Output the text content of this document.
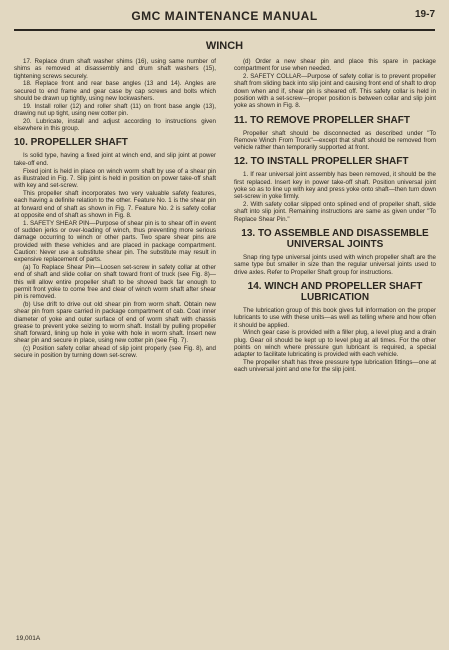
GMC MAINTENANCE MANUAL	19-7
WINCH
17. Replace drum shaft washer shims (16), using same number of shims as removed at disassembly and drum shaft washers (15), tightening screws securely.
18. Replace front and rear base angles (13 and 14). Angles are secured to end frame and gear case by cap screws and bolts which should be drawn up tightly, using new lockwashers.
19. Install roller (12) and roller shaft (11) on front base angle (13), drawing nut up tight, using new cotter pin.
20. Lubricate, install and adjust according to instructions given elsewhere in this group.
10. PROPELLER SHAFT
Is solid type, having a fixed joint at winch end, and slip joint at power take-off end.
Fixed joint is held in place on winch worm shaft by use of a shear pin as illustrated in Fig. 7. Slip joint is held in position on power take-off shaft with key and set-screw.
This propeller shaft incorporates two very valuable safety features, each having a definite relation to the other. Feature No. 1 is the shear pin at forward end of shaft as shown in Fig. 7. Feature No. 2 is safety collar at opposite end of shaft as shown in Fig. 8.
1. SAFETY SHEAR PIN—Purpose of shear pin is to shear off in event of sudden jerks or over-loading of winch, thus preventing more serious damage occurring to winch or other parts. Two spare shear pins are provided with these vehicles and are placed in package compartment. Caution: Never use a substitute shear pin. The substitute may result in expensive replacement of parts.
(a) To Replace Shear Pin—Loosen set-screw in safety collar at other end of shaft and slide collar on shaft toward front of truck (see Fig. 8)—this will allow entire propeller shaft to be shoved back far enough to permit front yoke to come free and clear of winch worm shaft after shear pin is removed.
(b) Use drift to drive out old shear pin from worm shaft. Obtain new shear pin from spare carried in package compartment of cab. Coat inner diameter of yoke and outer surface of end of worm shaft with chassis grease to prevent yoke seizing to worm shaft. Install by pulling propeller shaft forward, lining up hole in yoke with hole in worm shaft. Insert new shear pin and secure in place, using new cotter pin (see Fig. 7).
(c) Position safety collar ahead of slip joint properly (see Fig. 8), and secure in position by turning down set-screw.
(d) Order a new shear pin and place this spare in package compartment for use when needed.
2. SAFETY COLLAR—Purpose of safety collar is to prevent propeller shaft from sliding back into slip joint and causing front end of shaft to drop down when and if, shear pin is sheared off. This safety collar is held in position with a set-screw—proper position is between collar and slip joint yoke as shown in Fig. 8.
11. TO REMOVE PROPELLER SHAFT
Propeller shaft should be disconnected as described under "To Remove Winch From Truck"—except that shaft should be removed from vehicle rather than temporarily supported at front.
12. TO INSTALL PROPELLER SHAFT
1. If rear universal joint assembly has been removed, it should be the first replaced. Insert key in power take-off shaft. Position universal joint yoke so as to line up with key and press yoke onto shaft—then turn down set-screw in yoke firmly.
2. With safety collar slipped onto splined end of propeller shaft, slide shaft into slip joint. Remaining instructions are same as given under "To Replace Shear Pin."
13. TO ASSEMBLE AND DISASSEMBLE UNIVERSAL JOINTS
Snap ring type universal joints used with winch propeller shaft are the same type but smaller in size than the regular universal joints used to drive axles. Refer to Propeller Shaft group for instructions.
14. WINCH AND PROPELLER SHAFT LUBRICATION
The lubrication group of this book gives full information on the proper lubricants to use with these units—as well as telling where and how often it should be applied.
Winch gear case is provided with a filler plug, a level plug and a drain plug. Gear oil should be kept up to level plug at all times. For the other points on winch where pressure gun lubricant is required, a special adapter to facilitate lubricating is provided with each vehicle.
The propeller shaft has three pressure type lubrication fittings—one at each universal joint and one for the slip joint.
19,001A
